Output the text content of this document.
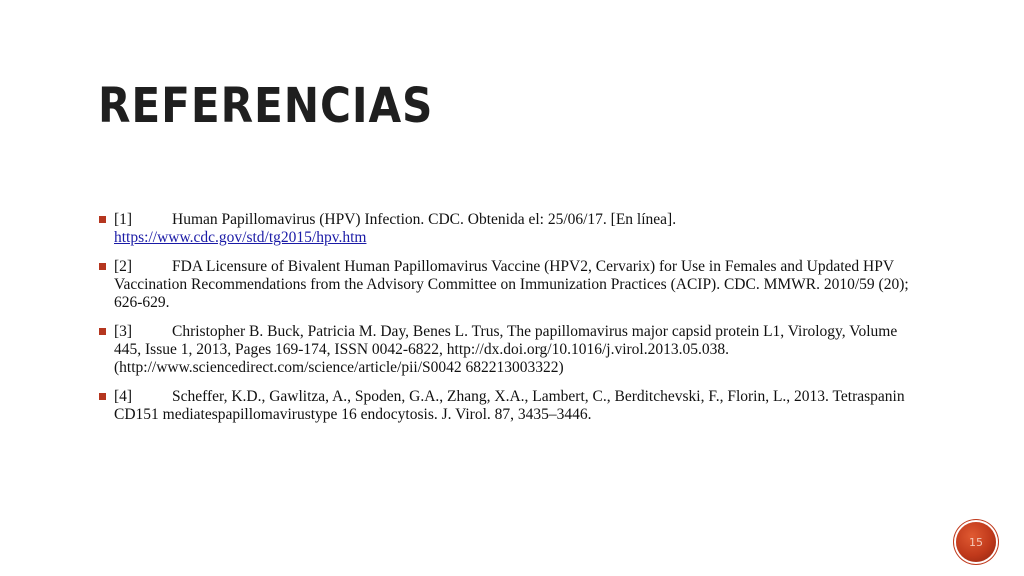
REFERENCIAS
[1]	Human Papillomavirus (HPV) Infection. CDC. Obtenida el: 25/06/17. [En línea]. https://www.cdc.gov/std/tg2015/hpv.htm
[2]	FDA Licensure of Bivalent Human Papillomavirus Vaccine (HPV2, Cervarix) for Use in Females and Updated HPV Vaccination Recommendations from the Advisory Committee on Immunization Practices (ACIP). CDC. MMWR. 2010/59 (20); 626-629.
[3]	Christopher B. Buck, Patricia M. Day, Benes L. Trus, The papillomavirus major capsid protein L1, Virology, Volume 445, Issue 1, 2013, Pages 169-174, ISSN 0042-6822, http://dx.doi.org/10.1016/j.virol.2013.05.038.(http://www.sciencedirect.com/science/article/pii/S0042 682213003322)
[4]	Scheffer, K.D., Gawlitza, A., Spoden, G.A., Zhang, X.A., Lambert, C., Berditchevski, F., Florin, L., 2013. Tetraspanin CD151 mediatespapillomavirustype 16 endocytosis. J. Virol. 87, 3435–3446.
15
